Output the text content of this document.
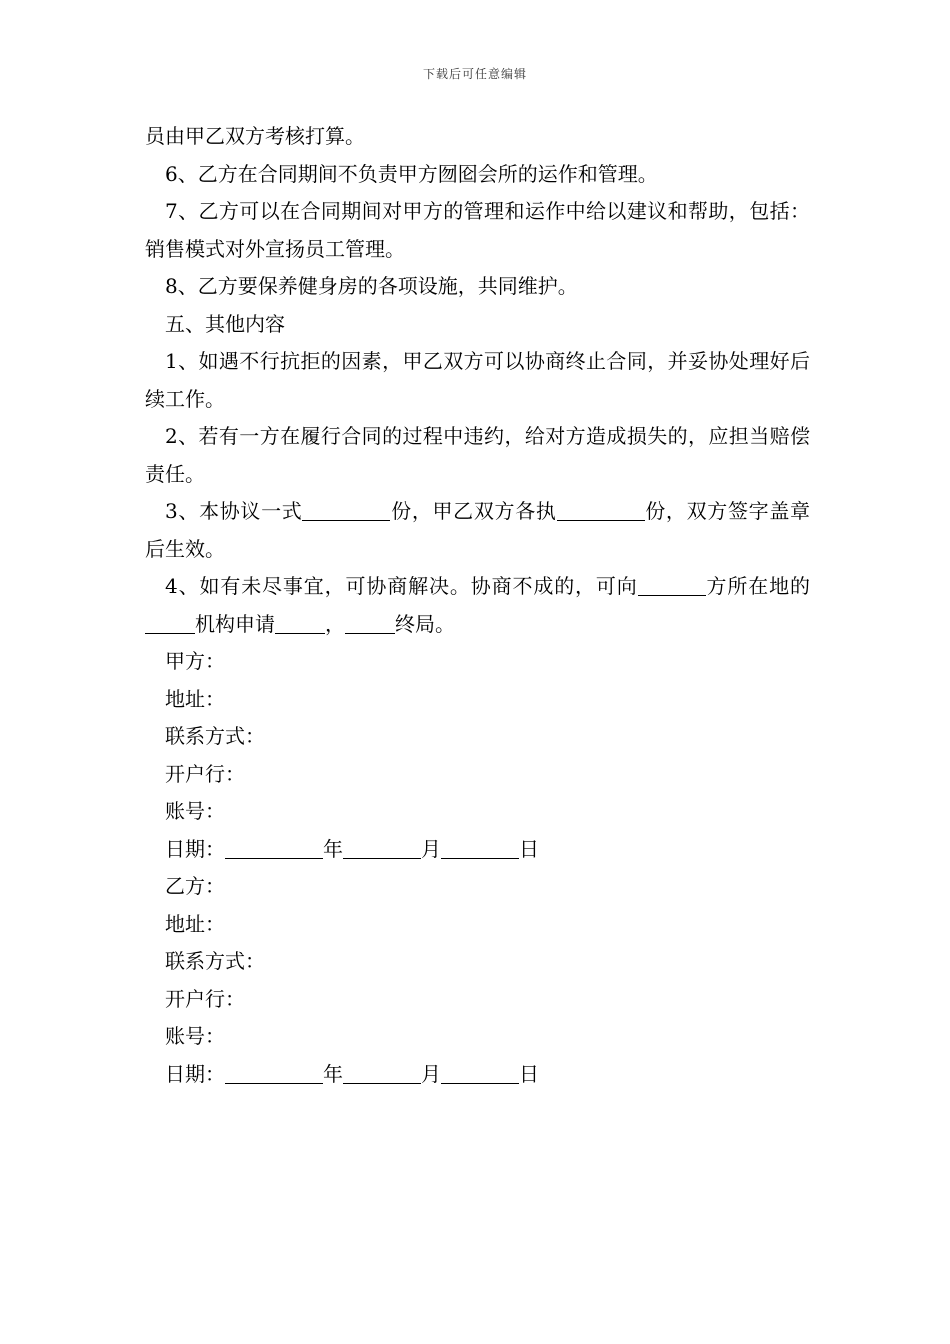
下载后可任意编辑

员由甲乙双方考核打算。

6、乙方在合同期间不负责甲方囫囵会所的运作和管理。

7、乙方可以在合同期间对甲方的管理和运作中给以建议和帮助，包括：销售模式对外宣扬员工管理。

8、乙方要保养健身房的各项设施，共同维护。

五、其他内容

1、如遇不行抗拒的因素，甲乙双方可以协商终止合同，并妥协处理好后续工作。

2、若有一方在履行合同的过程中违约，给对方造成损失的，应担当赔偿责任。

3、本协议一式	份，甲乙双方各执	份，双方签字盖章后生效。

4、如有未尽事宜，可协商解决。协商不成的，可向	方所在地的机构申请	，	终局。

甲方：

地址：

联系方式：

开户行：

账号：

日期：	年	月	日

乙方：

地址：

联系方式：

开户行：

账号：

日期：	年	月	日
